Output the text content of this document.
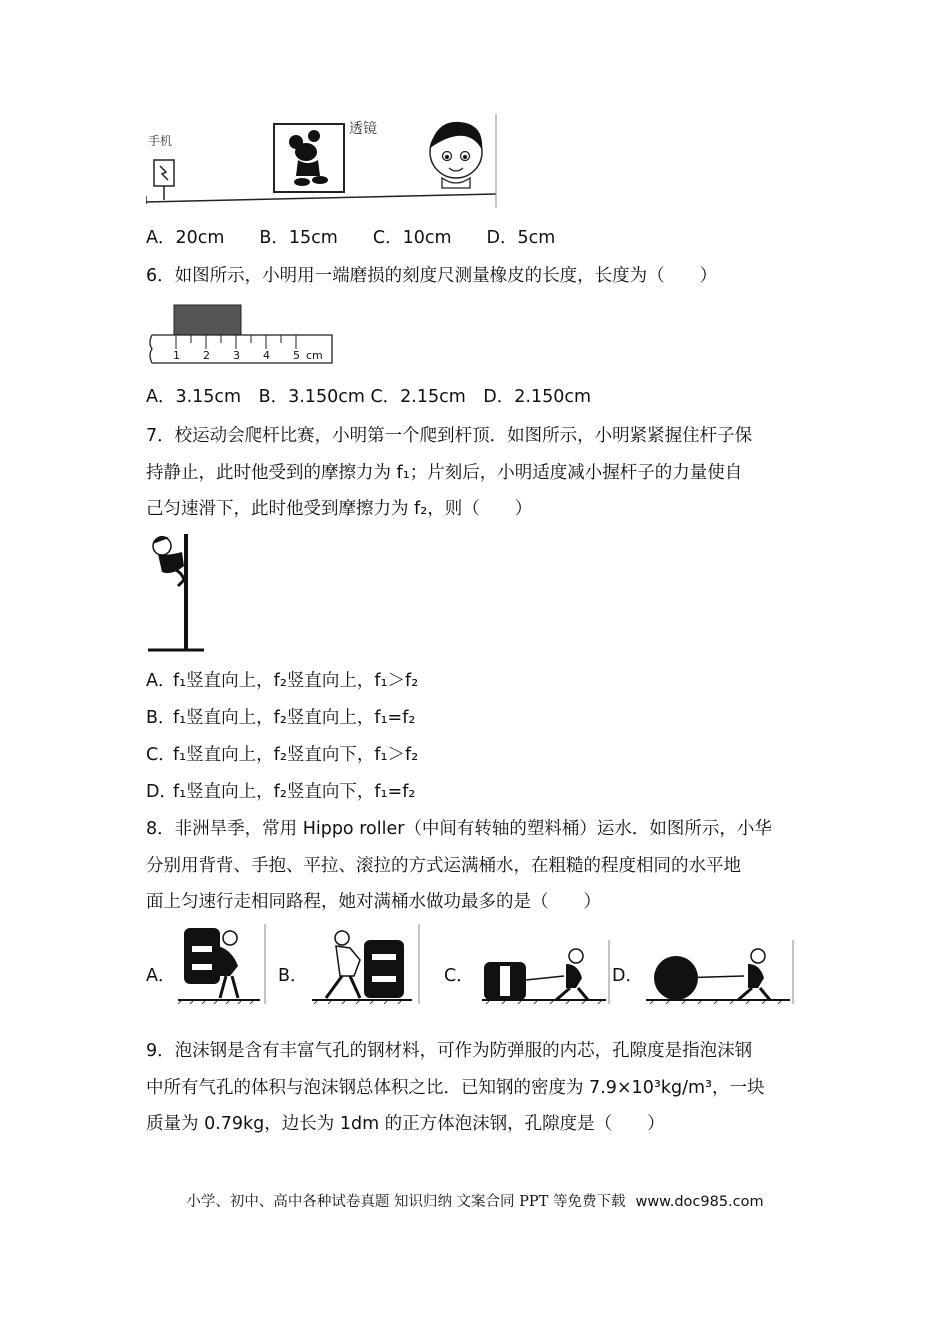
手机
透镜
A．20cm　　B．15cm　　C．10cm　　D．5cm
6．如图所示，小明用一端磨损的刻度尺测量橡皮的长度，长度为（　　）
1 2 3 4 5 cm
A．3.15cm　B．3.150cm C．2.15cm　D．2.150cm
7．校运动会爬杆比赛，小明第一个爬到杆顶．如图所示，小明紧紧握住杆子保
持静止，此时他受到的摩擦力为 f₁；片刻后，小明适度减小握杆子的力量使自
己匀速滑下，此时他受到摩擦力为 f₂，则（　　）
A．
f₁竖直向上，f₂竖直向上，f₁＞f₂
B．
f₁竖直向上，f₂竖直向上，f₁=f₂
C．
f₁竖直向上，f₂竖直向下，f₁＞f₂
D．
f₁竖直向上，f₂竖直向下，f₁=f₂
8．非洲旱季，常用 Hippo roller（中间有转轴的塑料桶）运水．如图所示，小华
分别用背背、手抱、平拉、滚拉的方式运满桶水，在粗糙的程度相同的水平地
面上匀速行走相同路程，她对满桶水做功最多的是（　　）
A．	B．	C．	D．
9．泡沫钢是含有丰富气孔的钢材料，可作为防弹服的内芯，孔隙度是指泡沫钢
中所有气孔的体积与泡沫钢总体积之比．已知钢的密度为 7.9×10³kg/m³，一块
质量为 0.79kg，边长为 1dm 的正方体泡沫钢，孔隙度是（　　）
小学、初中、高中各种试卷真题 知识归纳 文案合同 PPT 等免费下载 www.doc985.com
